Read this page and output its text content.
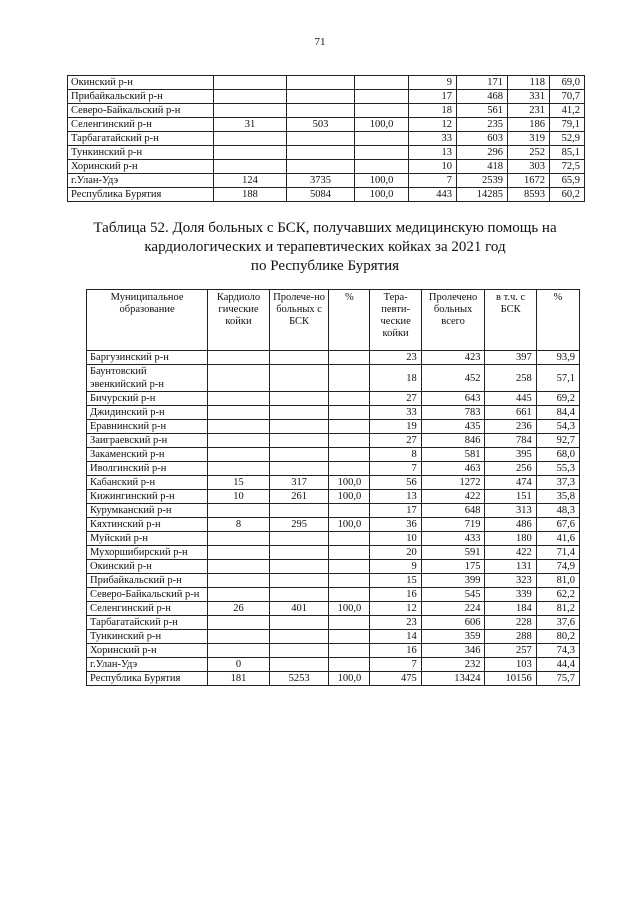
71
Окинский р-н				9	171	118	69,0
Прибайкальский р-н				17	468	331	70,7
Северо-Байкальский р-н				18	561	231	41,2
Селенгинский р-н	31	503	100,0	12	235	186	79,1
Тарбагатайский р-н				33	603	319	52,9
Тункинский р-н				13	296	252	85,1
Хоринский р-н				10	418	303	72,5
г.Улан-Удэ	124	3735	100,0	7	2539	1672	65,9
Республика Бурятия	188	5084	100,0	443	14285	8593	60,2
Таблица 52. Доля больных с БСК, получавших медицинскую помощь на
кардиологических и терапевтических койках за 2021 год
по Республике Бурятия
Муниципальное образование	Кардиоло гические койки	Пролече-но больных с БСК	%	Тера-певти-ческие койки	Пролечено больных всего	в т.ч. с БСК	%
Баргузинский р-н				23	423	397	93,9
Баунтовский эвенкийский р-н				18	452	258	57,1
Бичурский р-н				27	643	445	69,2
Джидинский р-н				33	783	661	84,4
Еравнинский р-н				19	435	236	54,3
Заиграевский р-н				27	846	784	92,7
Закаменский р-н				8	581	395	68,0
Иволгинский р-н				7	463	256	55,3
Кабанский р-н	15	317	100,0	56	1272	474	37,3
Кижингинский р-н	10	261	100,0	13	422	151	35,8
Курумканский р-н				17	648	313	48,3
Кяхтинский р-н	8	295	100,0	36	719	486	67,6
Муйский р-н				10	433	180	41,6
Мухоршибирский р-н				20	591	422	71,4
Окинский р-н				9	175	131	74,9
Прибайкальский р-н				15	399	323	81,0
Северо-Байкальский р-н				16	545	339	62,2
Селенгинский р-н	26	401	100,0	12	224	184	81,2
Тарбагатайский р-н				23	606	228	37,6
Тункинский р-н				14	359	288	80,2
Хоринский р-н				16	346	257	74,3
г.Улан-Удэ	0			7	232	103	44,4
Республика Бурятия	181	5253	100,0	475	13424	10156	75,7
